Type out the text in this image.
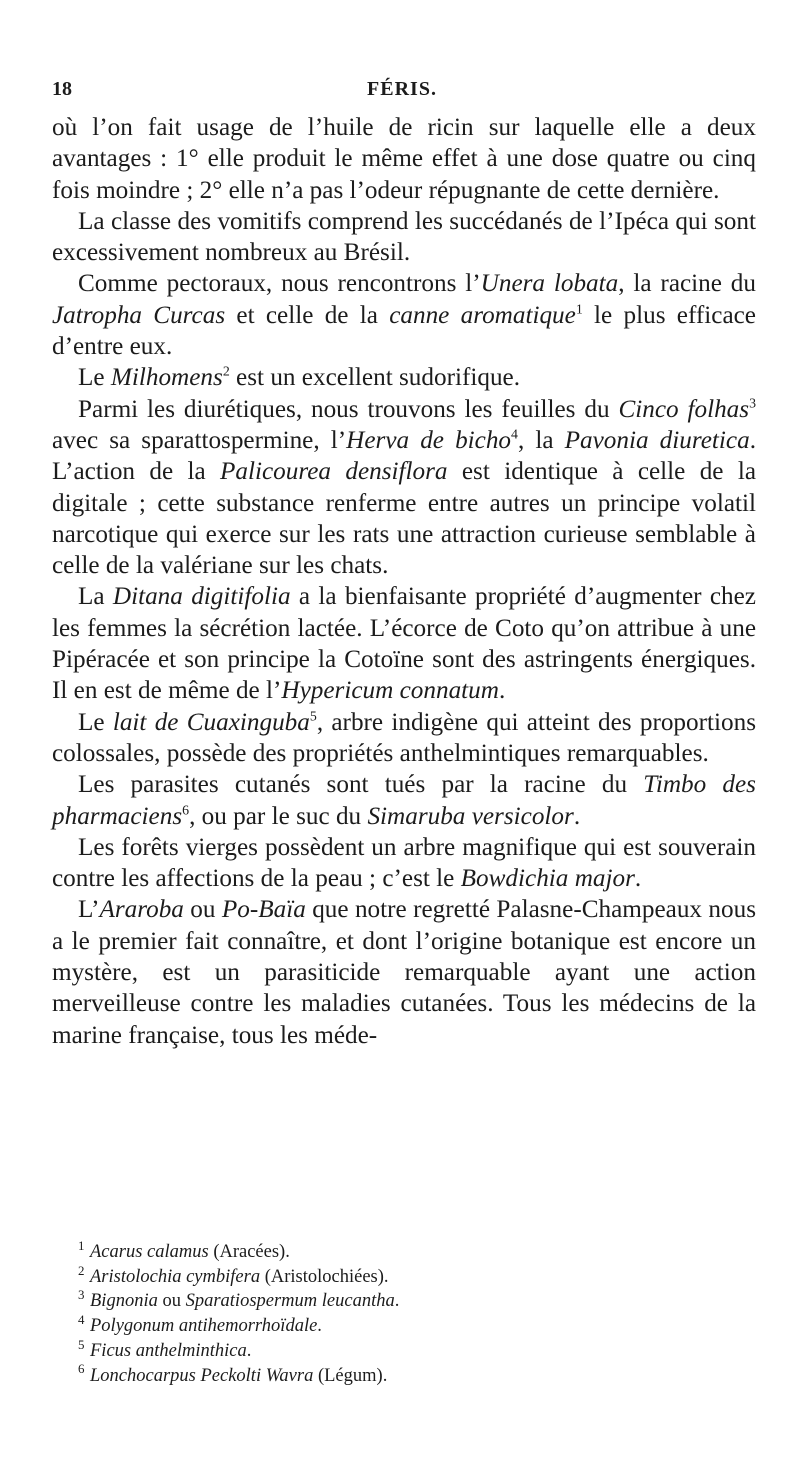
18	FÉRIS.

où l’on fait usage de l’huile de ricin sur laquelle elle a deux avantages : 1° elle produit le même effet à une dose quatre ou cinq fois moindre ; 2° elle n’a pas l’odeur répugnante de cette dernière.

La classe des vomitifs comprend les succédanés de l’Ipéca qui sont excessivement nombreux au Brésil.

Comme pectoraux, nous rencontrons l’Unera lobata, la racine du Jatropha Curcas et celle de la canne aromatique$^1$ le plus efficace d’entre eux.

Le Milhomens$^2$ est un excellent sudorifique.

Parmi les diurétiques, nous trouvons les feuilles du Cinco folhas$^3$ avec sa sparattospermine, l’Herva de bicho$^4$, la Pavonia diuretica. L’action de la Palicourea densiflora est identique à celle de la digitale ; cette substance renferme entre autres un principe volatil narcotique qui exerce sur les rats une attraction curieuse semblable à celle de la valériane sur les chats.

La Ditana digitifolia a la bienfaisante propriété d’augmenter chez les femmes la sécrétion lactée. L’écorce de Coto qu’on attribue à une Pipéracée et son principe la Cotoïne sont des astringents énergiques. Il en est de même de l’Hypericum connatum.

Le lait de Cuaxinguba$^5$, arbre indigène qui atteint des proportions colossales, possède des propriétés anthelmintiques remarquables.

Les parasites cutanés sont tués par la racine du Timbo des pharmaciens$^6$, ou par le suc du Simaruba versicolor.

Les forêts vierges possèdent un arbre magnifique qui est souverain contre les affections de la peau ; c’est le Bowdichia major.

L’Araroba ou Po-Baïa que notre regretté Palasne-Champeaux nous a le premier fait connaître, et dont l’origine botanique est encore un mystère, est un parasiticide remarquable ayant une action merveilleuse contre les maladies cutanées. Tous les médecins de la marine française, tous les méde-

1 Acarus calamus (Aracées).

2 Aristolochia cymbifera (Aristolochiées).

3 Bignonia ou Sparatiospermum leucantha.

4 Polygonum antihemorrhoïdale.

5 Ficus anthelminthica.

6 Lonchocarpus Peckolti Wavra (Légum).
